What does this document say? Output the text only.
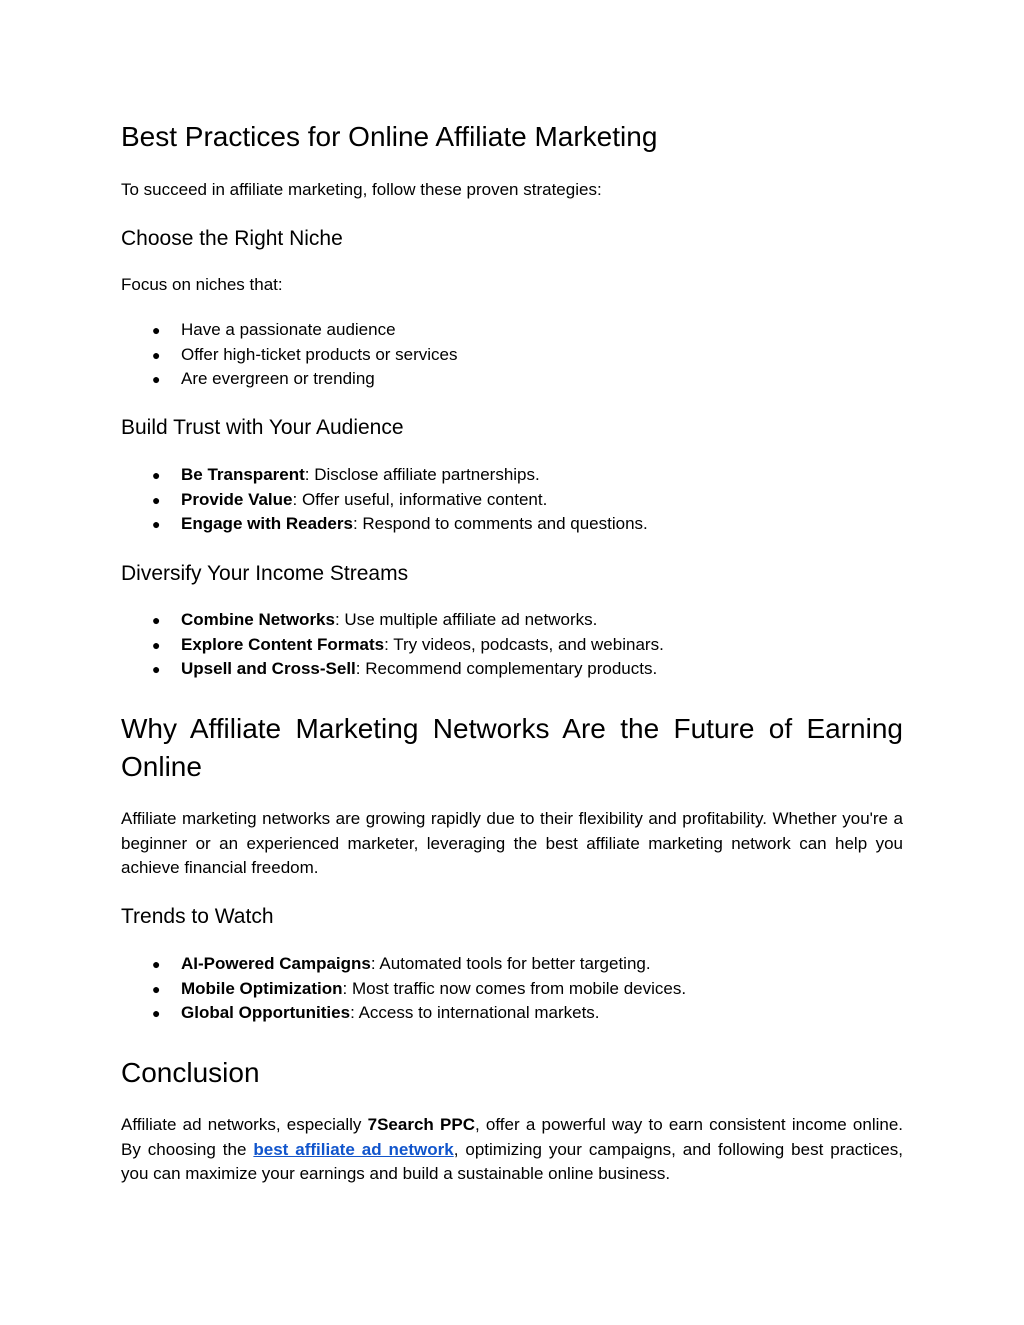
Best Practices for Online Affiliate Marketing

To succeed in affiliate marketing, follow these proven strategies:

Choose the Right Niche

Focus on niches that:

● Have a passionate audience
● Offer high-ticket products or services
● Are evergreen or trending
Build Trust with Your Audience
● Be Transparent: Disclose affiliate partnerships.
● Provide Value: Offer useful, informative content.
● Engage with Readers: Respond to comments and questions.
Diversify Your Income Streams
● Combine Networks: Use multiple affiliate ad networks.
● Explore Content Formats: Try videos, podcasts, and webinars.
● Upsell and Cross-Sell: Recommend complementary products.
Why Affiliate Marketing Networks Are the Future of Earning Online

Affiliate marketing networks are growing rapidly due to their flexibility and profitability. Whether you're a beginner or an experienced marketer, leveraging the best affiliate marketing network can help you achieve financial freedom.

Trends to Watch
● AI-Powered Campaigns: Automated tools for better targeting.
● Mobile Optimization: Most traffic now comes from mobile devices.
● Global Opportunities: Access to international markets.
Conclusion

Affiliate ad networks, especially 7Search PPC, offer a powerful way to earn consistent income online. By choosing the best affiliate ad network, optimizing your campaigns, and following best practices, you can maximize your earnings and build a sustainable online business.
